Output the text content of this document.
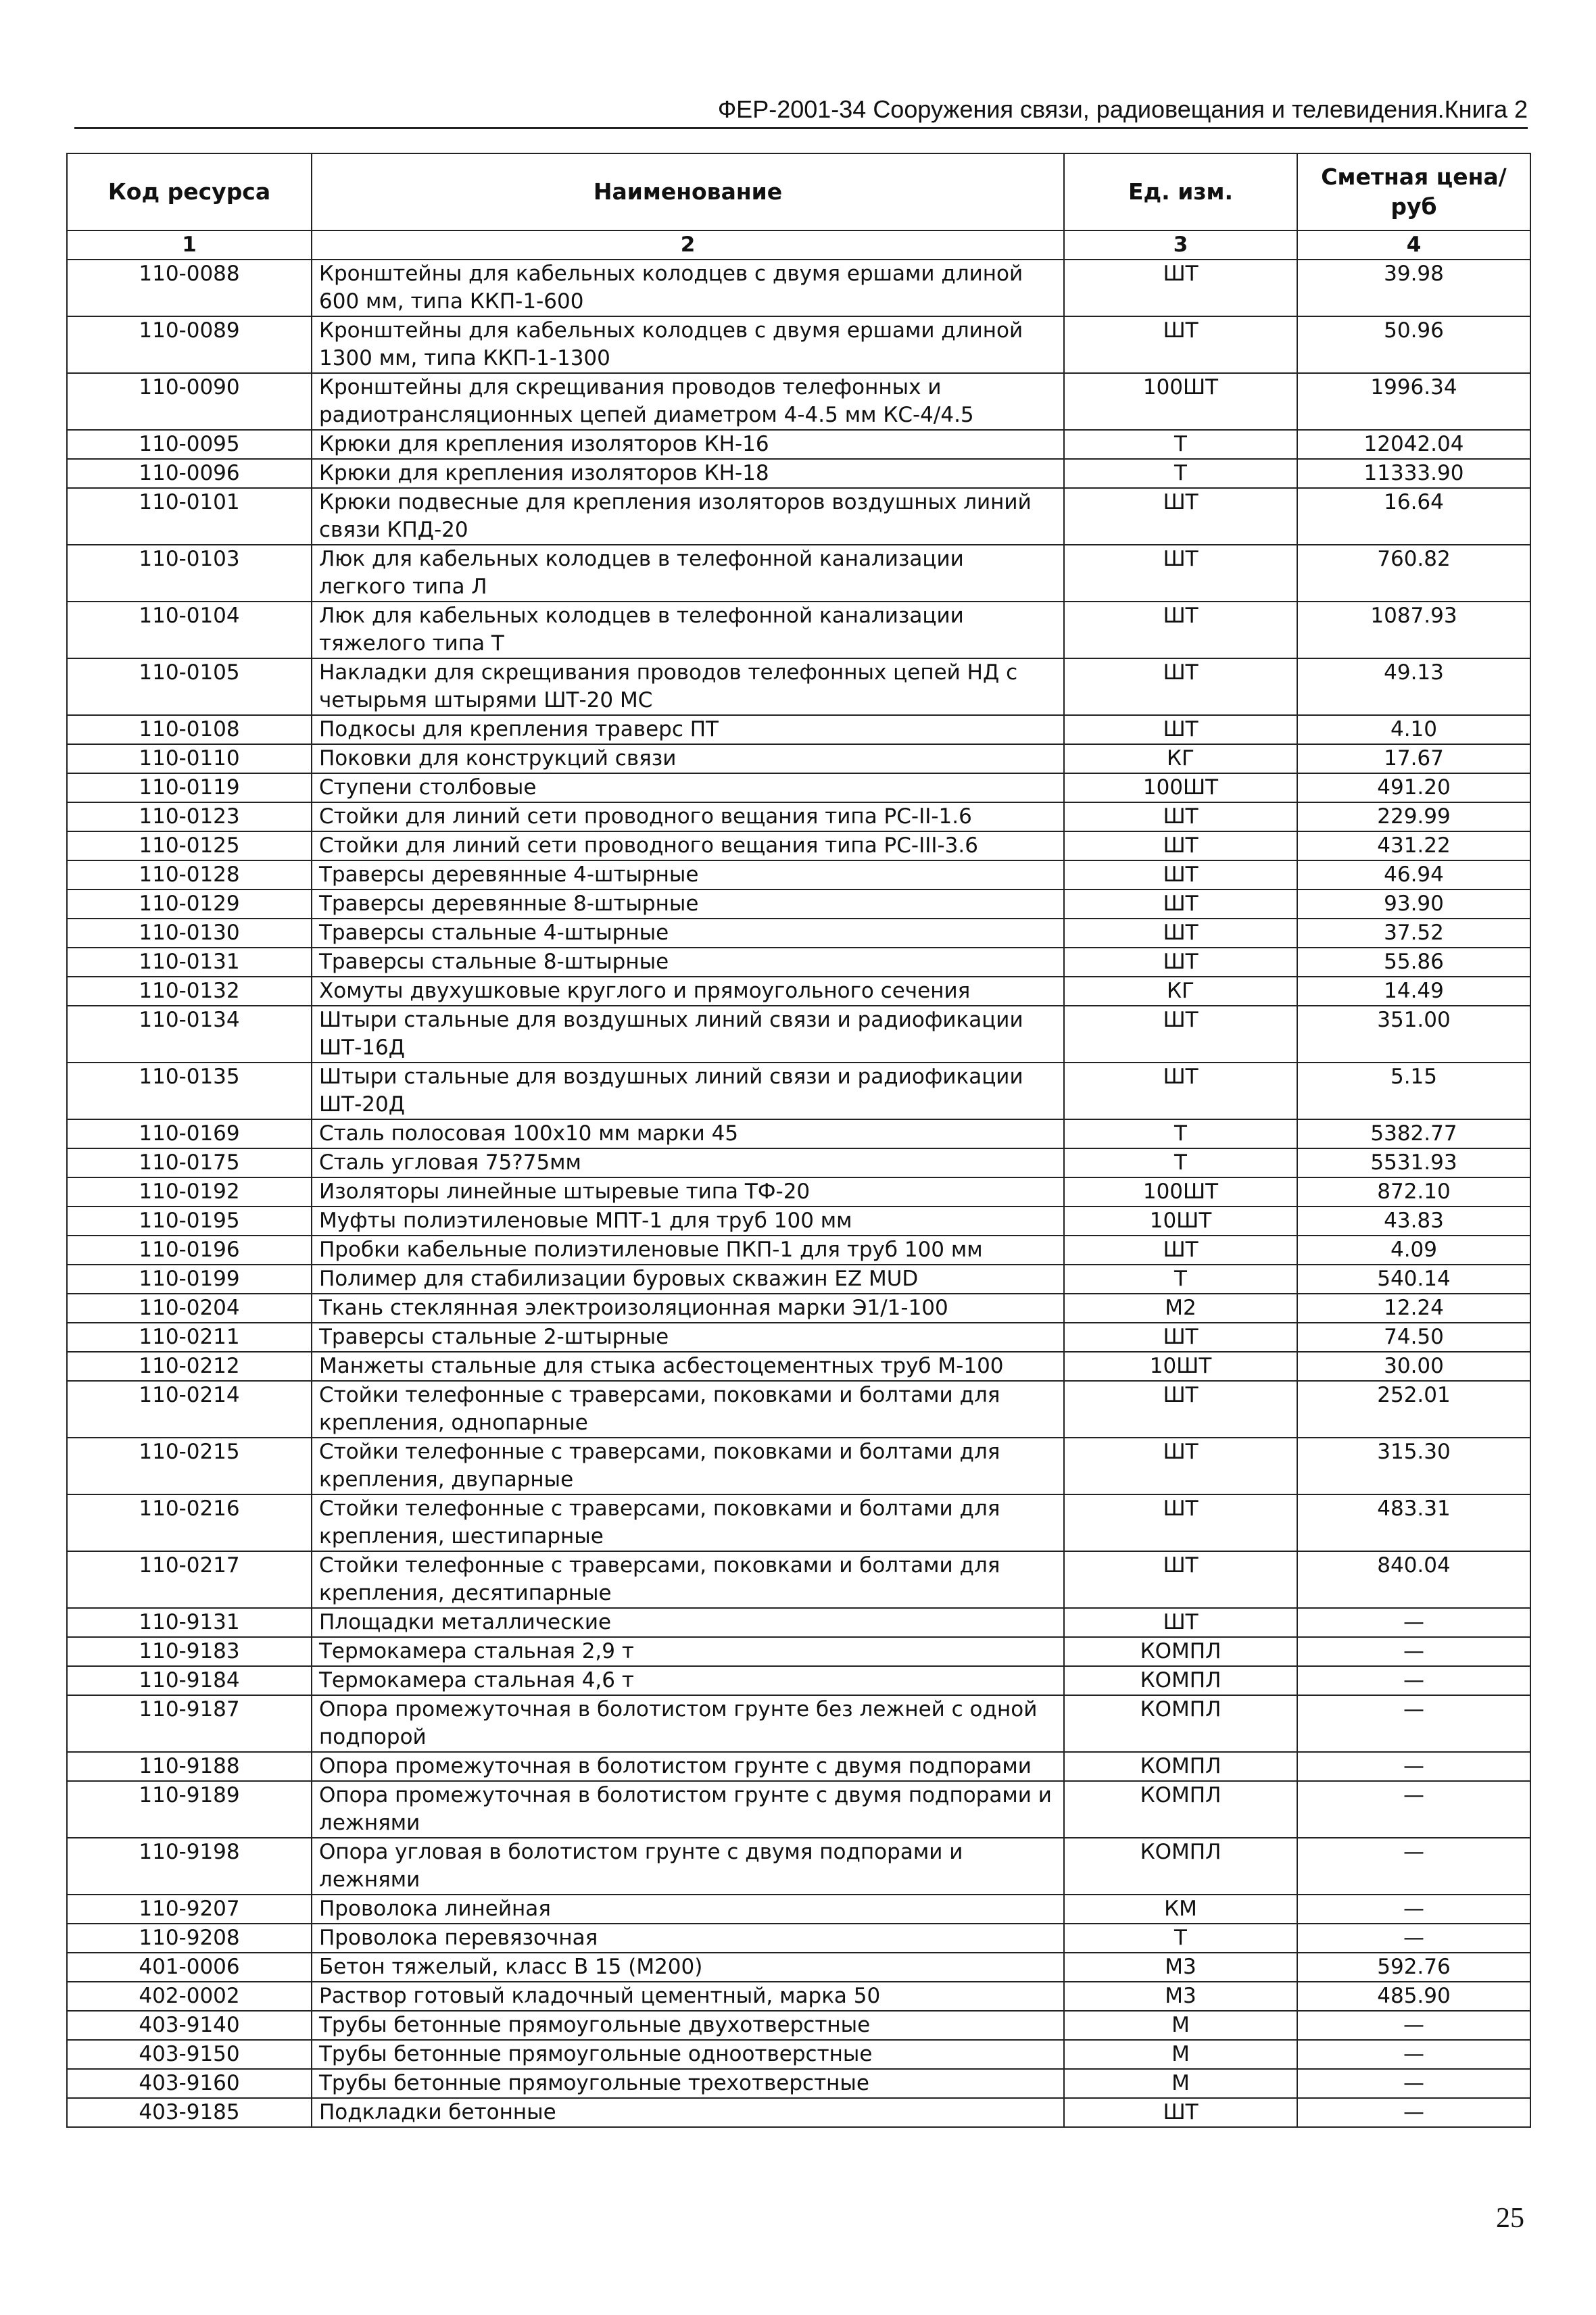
ФЕР-2001-34 Сооружения связи, радиовещания и телевидения.Книга 2
Код ресурса	Наименование	Ед. изм.	Сметная цена/руб
1	2	3	4
110-0088	Кронштейны для кабельных колодцев с двумя ершами длиной 600 мм, типа ККП-1-600	ШТ	39.98
110-0089	Кронштейны для кабельных колодцев с двумя ершами длиной 1300 мм, типа ККП-1-1300	ШТ	50.96
110-0090	Кронштейны для скрещивания проводов телефонных и радиотрансляционных цепей диаметром 4-4.5 мм КС-4/4.5	100ШТ	1996.34
110-0095	Крюки для крепления изоляторов КН-16	Т	12042.04
110-0096	Крюки для крепления изоляторов КН-18	Т	11333.90
110-0101	Крюки подвесные для крепления изоляторов воздушных линий связи КПД-20	ШТ	16.64
110-0103	Люк для кабельных колодцев в телефонной канализации легкого типа Л	ШТ	760.82
110-0104	Люк для кабельных колодцев в телефонной канализации тяжелого типа Т	ШТ	1087.93
110-0105	Накладки для скрещивания проводов телефонных цепей НД с четырьмя штырями ШТ-20 МС	ШТ	49.13
110-0108	Подкосы для крепления траверс ПТ	ШТ	4.10
110-0110	Поковки для конструкций связи	КГ	17.67
110-0119	Ступени столбовые	100ШТ	491.20
110-0123	Стойки для линий сети проводного вещания типа РС-II-1.6	ШТ	229.99
110-0125	Стойки для линий сети проводного вещания типа РС-III-3.6	ШТ	431.22
110-0128	Траверсы деревянные 4-штырные	ШТ	46.94
110-0129	Траверсы деревянные 8-штырные	ШТ	93.90
110-0130	Траверсы стальные 4-штырные	ШТ	37.52
110-0131	Траверсы стальные 8-штырные	ШТ	55.86
110-0132	Хомуты двухушковые круглого и прямоугольного сечения	КГ	14.49
110-0134	Штыри стальные для воздушных линий связи и радиофикации ШТ-16Д	ШТ	351.00
110-0135	Штыри стальные для воздушных линий связи и радиофикации ШТ-20Д	ШТ	5.15
110-0169	Сталь полосовая 100х10 мм марки 45	Т	5382.77
110-0175	Сталь угловая 75?75мм	Т	5531.93
110-0192	Изоляторы линейные штыревые типа ТФ-20	100ШТ	872.10
110-0195	Муфты полиэтиленовые МПТ-1 для труб 100 мм	10ШТ	43.83
110-0196	Пробки кабельные полиэтиленовые ПКП-1 для труб 100 мм	ШТ	4.09
110-0199	Полимер для стабилизации буровых скважин EZ MUD	Т	540.14
110-0204	Ткань стеклянная электроизоляционная марки Э1/1-100	М2	12.24
110-0211	Траверсы стальные 2-штырные	ШТ	74.50
110-0212	Манжеты стальные для стыка асбестоцементных труб М-100	10ШТ	30.00
110-0214	Стойки телефонные с траверсами, поковками и болтами для крепления, однопарные	ШТ	252.01
110-0215	Стойки телефонные с траверсами, поковками и болтами для крепления, двупарные	ШТ	315.30
110-0216	Стойки телефонные с траверсами, поковками и болтами для крепления, шестипарные	ШТ	483.31
110-0217	Стойки телефонные с траверсами, поковками и болтами для крепления, десятипарные	ШТ	840.04
110-9131	Площадки металлические	ШТ	—
110-9183	Термокамера стальная 2,9 т	КОМПЛ	—
110-9184	Термокамера стальная 4,6 т	КОМПЛ	—
110-9187	Опора промежуточная в болотистом грунте без лежней с одной подпорой	КОМПЛ	—
110-9188	Опора промежуточная в болотистом грунте с двумя подпорами	КОМПЛ	—
110-9189	Опора промежуточная в болотистом грунте с двумя подпорами и лежнями	КОМПЛ	—
110-9198	Опора угловая в болотистом грунте с двумя подпорами и лежнями	КОМПЛ	—
110-9207	Проволока линейная	КМ	—
110-9208	Проволока перевязочная	Т	—
401-0006	Бетон тяжелый, класс В 15 (М200)	М3	592.76
402-0002	Раствор готовый кладочный цементный, марка 50	М3	485.90
403-9140	Трубы бетонные прямоугольные двухотверстные	М	—
403-9150	Трубы бетонные прямоугольные одноотверстные	М	—
403-9160	Трубы бетонные прямоугольные трехотверстные	М	—
403-9185	Подкладки бетонные	ШТ	—
25
